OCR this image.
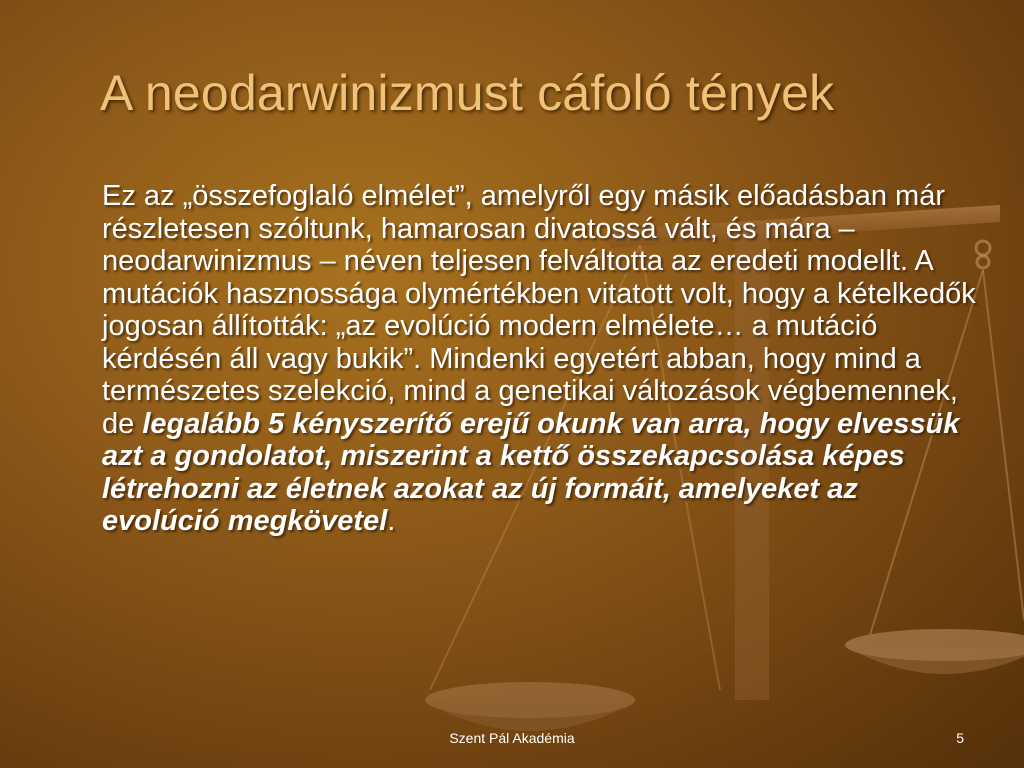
A neodarwinizmust cáfoló tények

Ez az „összefoglaló elmélet”, amelyről egy másik előadásban már részletesen szóltunk, hamarosan divatossá vált, és mára – neodarwinizmus – néven teljesen felváltotta az eredeti modellt. A mutációk hasznossága olymértékben vitatott volt, hogy a kételkedők jogosan állították: „az evolúció modern elmélete… a mutáció kérdésén áll vagy bukik”. Mindenki egyetért abban, hogy mind a természetes szelekció, mind a genetikai változások végbemennek, de legalább 5 kényszerítő erejű okunk van arra, hogy elvessük azt a gondolatot, miszerint a kettő összekapcsolása képes létrehozni az életnek azokat az új formáit, amelyeket az evolúció megkövetel.

Szent Pál Akadémia	5
